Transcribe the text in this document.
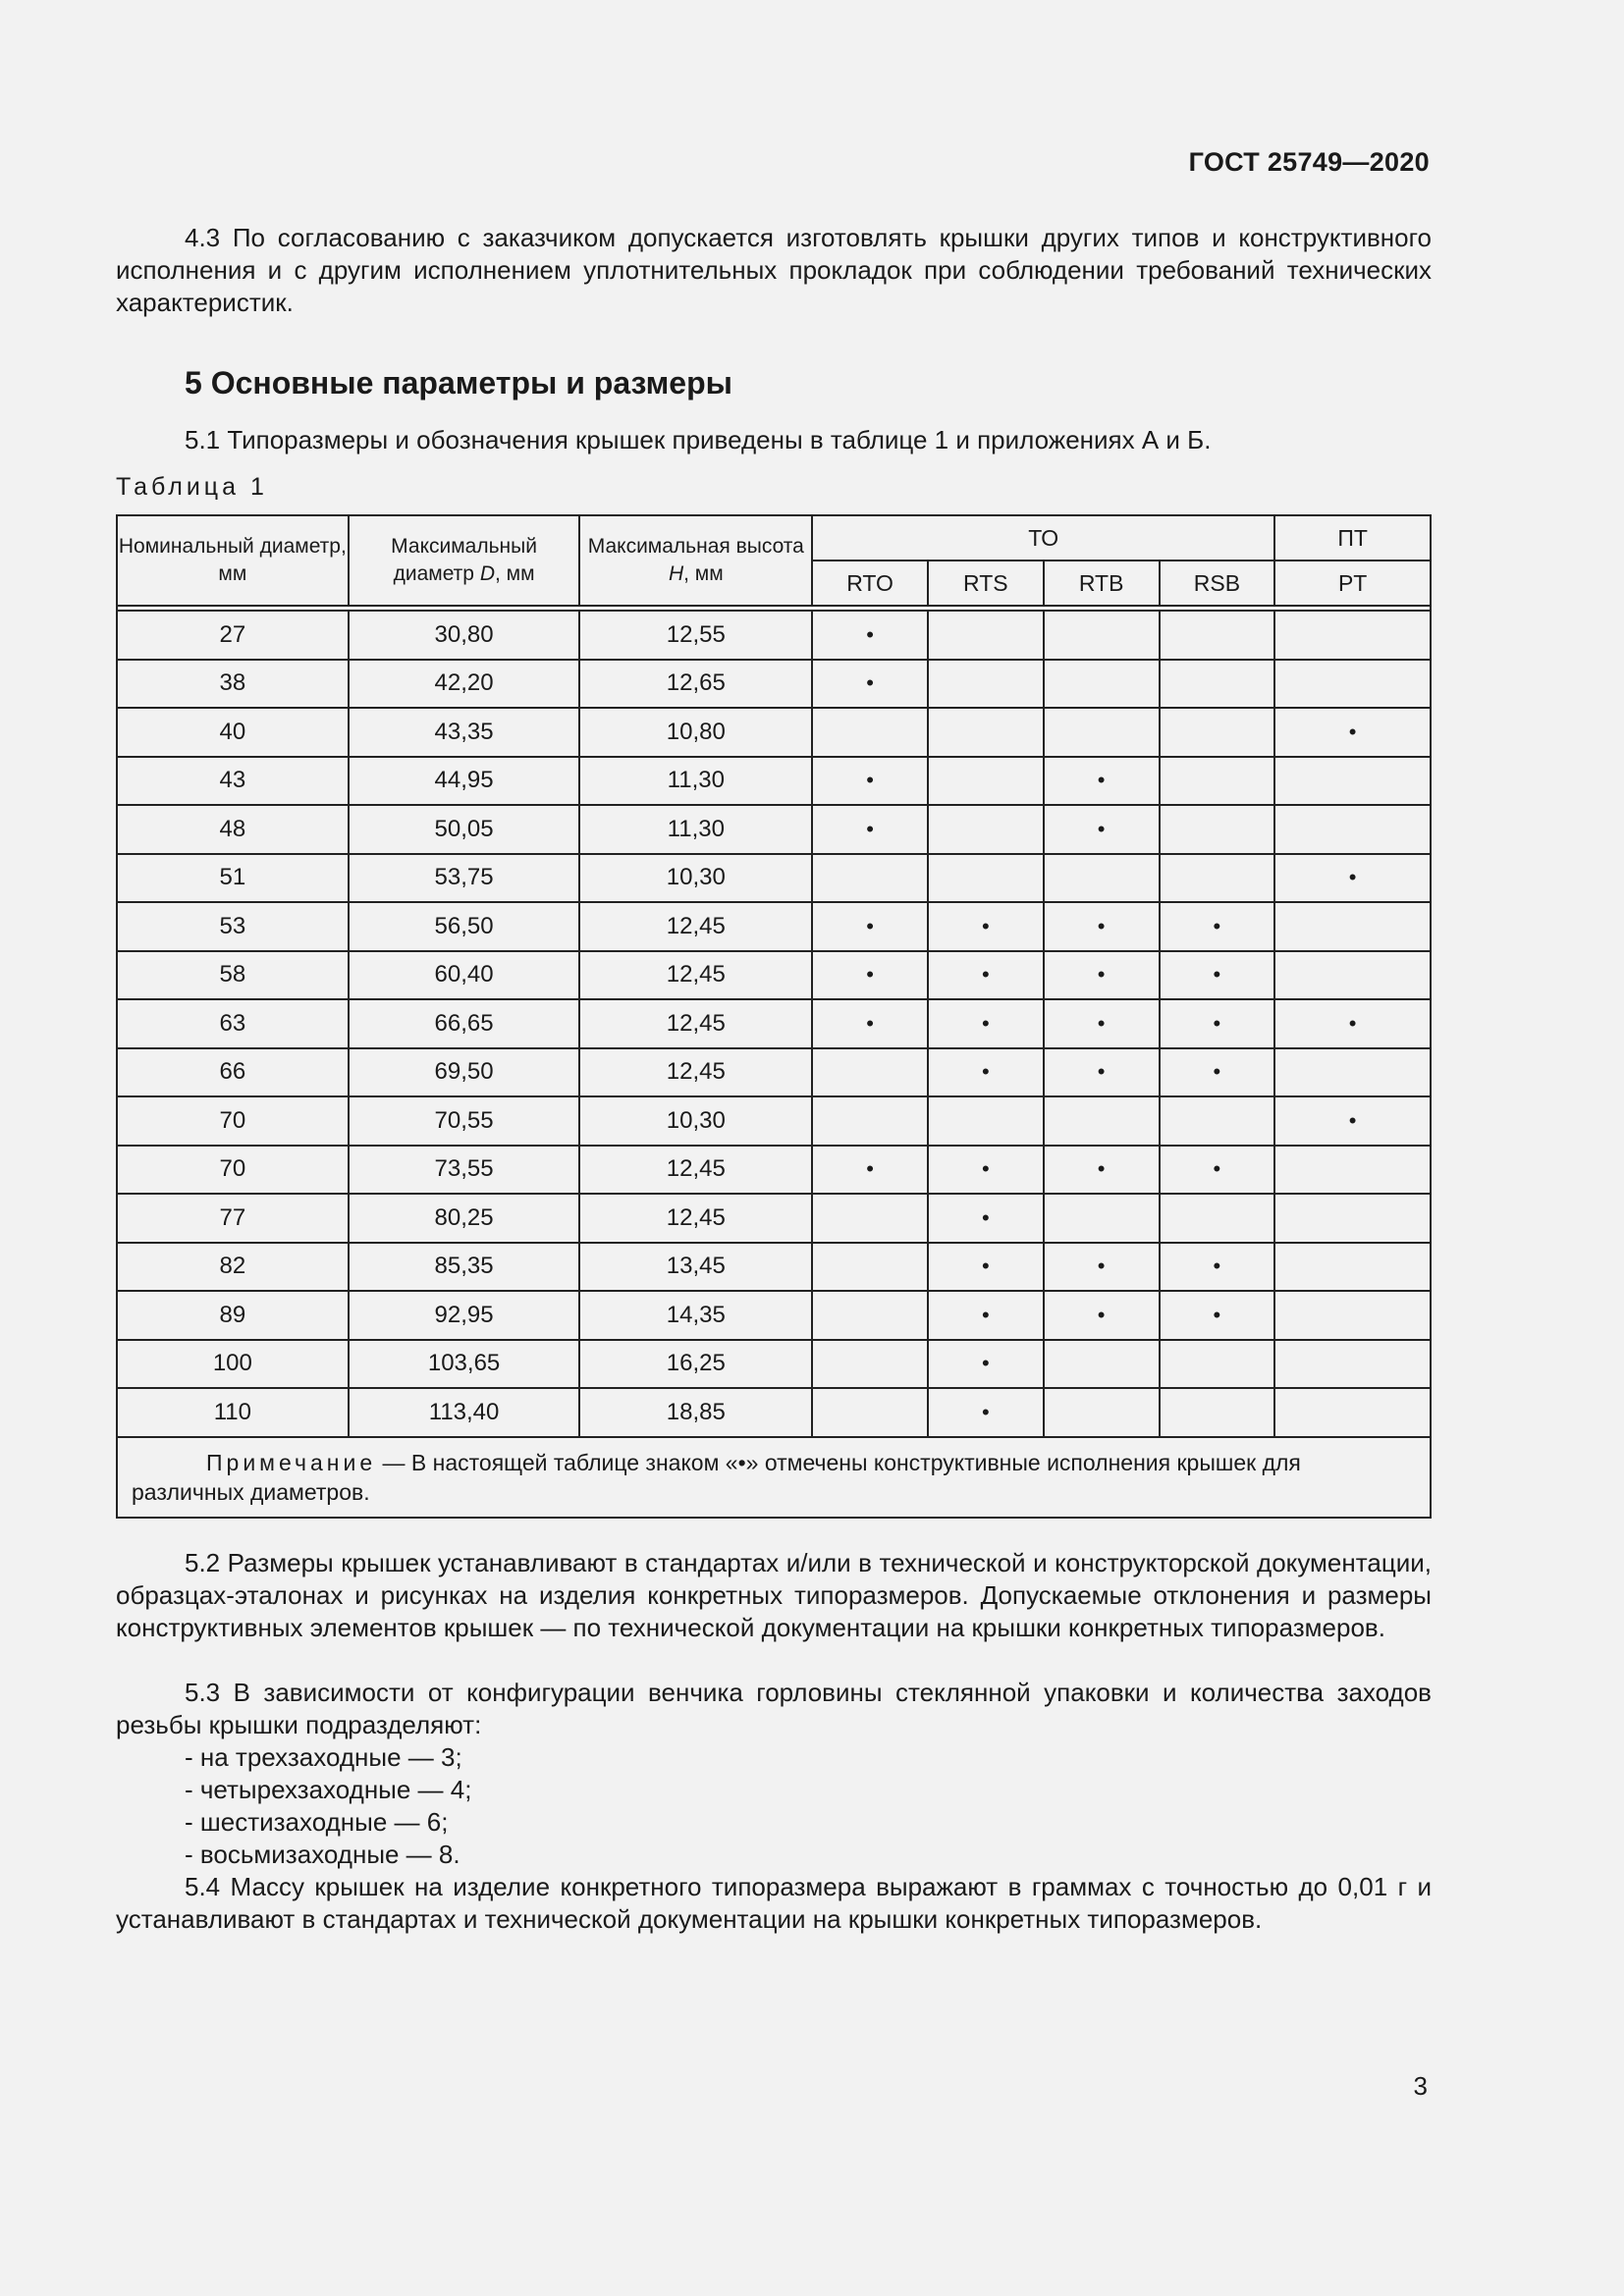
ГОСТ 25749—2020

4.3 По согласованию с заказчиком допускается изготовлять крышки других типов и конструктивного исполнения и с другим исполнением уплотнительных прокладок при соблюдении требований технических характеристик.

5 Основные параметры и размеры

5.1 Типоразмеры и обозначения крышек приведены в таблице 1 и приложениях А и Б.

Таблица 1
Номинальный диаметр, мм	Максимальный диаметр D, мм	Максимальная высота H, мм	ТО				ПТ
			RTO	RTS	RTB	RSB	PT

27	30,80	12,55	•				
38	42,20	12,65	•				
40	43,35	10,80					•
43	44,95	11,30	•		•		
48	50,05	11,30	•		•		
51	53,75	10,30					•
53	56,50	12,45	•	•	•	•	
58	60,40	12,45	•	•	•	•	
63	66,65	12,45	•	•	•	•	•
66	69,50	12,45		•	•	•	
70	70,55	10,30					•
70	73,55	12,45	•	•	•	•	
77	80,25	12,45		•			
82	85,35	13,45		•	•	•	
89	92,95	14,35		•	•	•	
100	103,65	16,25		•			
110	113,40	18,85		•			
Примечание — В настоящей таблице знаком «•» отмечены конструктивные исполнения крышек для различных диаметров.							

5.2 Размеры крышек устанавливают в стандартах и/или в технической и конструкторской документации, образцах-эталонах и рисунках на изделия конкретных типоразмеров. Допускаемые отклонения и размеры конструктивных элементов крышек — по технической документации на крышки конкретных типоразмеров.

5.3 В зависимости от конфигурации венчика горловины стеклянной упаковки и количества заходов резьбы крышки подразделяют:

- на трехзаходные — 3;
- четырехзаходные — 4;
- шестизаходные — 6;
- восьмизаходные — 8.

5.4 Массу крышек на изделие конкретного типоразмера выражают в граммах с точностью до 0,01 г и устанавливают в стандартах и технической документации на крышки конкретных типоразмеров.

3
